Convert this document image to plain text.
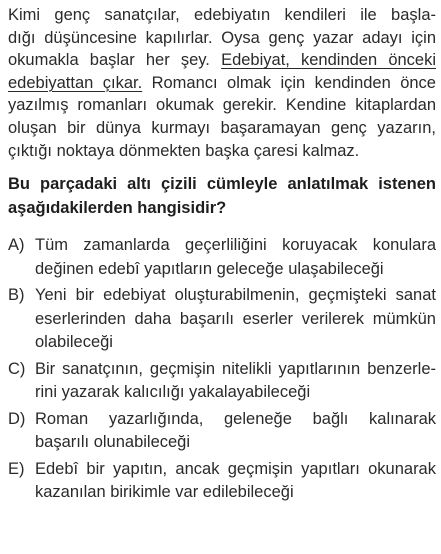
Kimi genç sanatçılar, edebiyatın kendileri ile başla-
dığı düşüncesine kapılırlar. Oysa genç yazar adayı için
okumakla başlar her şey. Edebiyat, kendinden önceki
edebiyattan çıkar. Romancı olmak için kendinden önce
yazılmış romanları okumak gerekir. Kendine kitaplardan
oluşan bir dünya kurmayı başaramayan genç yazarın,
çıktığı noktaya dönmekten başka çaresi kalmaz.
Bu parçadaki altı çizili cümleyle anlatılmak istenen
aşağıdakilerden hangisidir?
A) Tüm zamanlarda geçerliliğini koruyacak konulara
değinen edebî yapıtların geleceğe ulaşabileceği
B) Yeni bir edebiyat oluşturabilmenin, geçmişteki sanat
eserlerinden daha başarılı eserler verilerek mümkün
olabileceği
C) Bir sanatçının, geçmişin nitelikli yapıtlarının benzerle-
rini yazarak kalıcılığı yakalayabileceği
D) Roman yazarlığında, geleneğe bağlı kalınarak
başarılı olunabileceği
E) Edebî bir yapıtın, ancak geçmişin yapıtları okunarak
kazanılan birikimle var edilebileceği
